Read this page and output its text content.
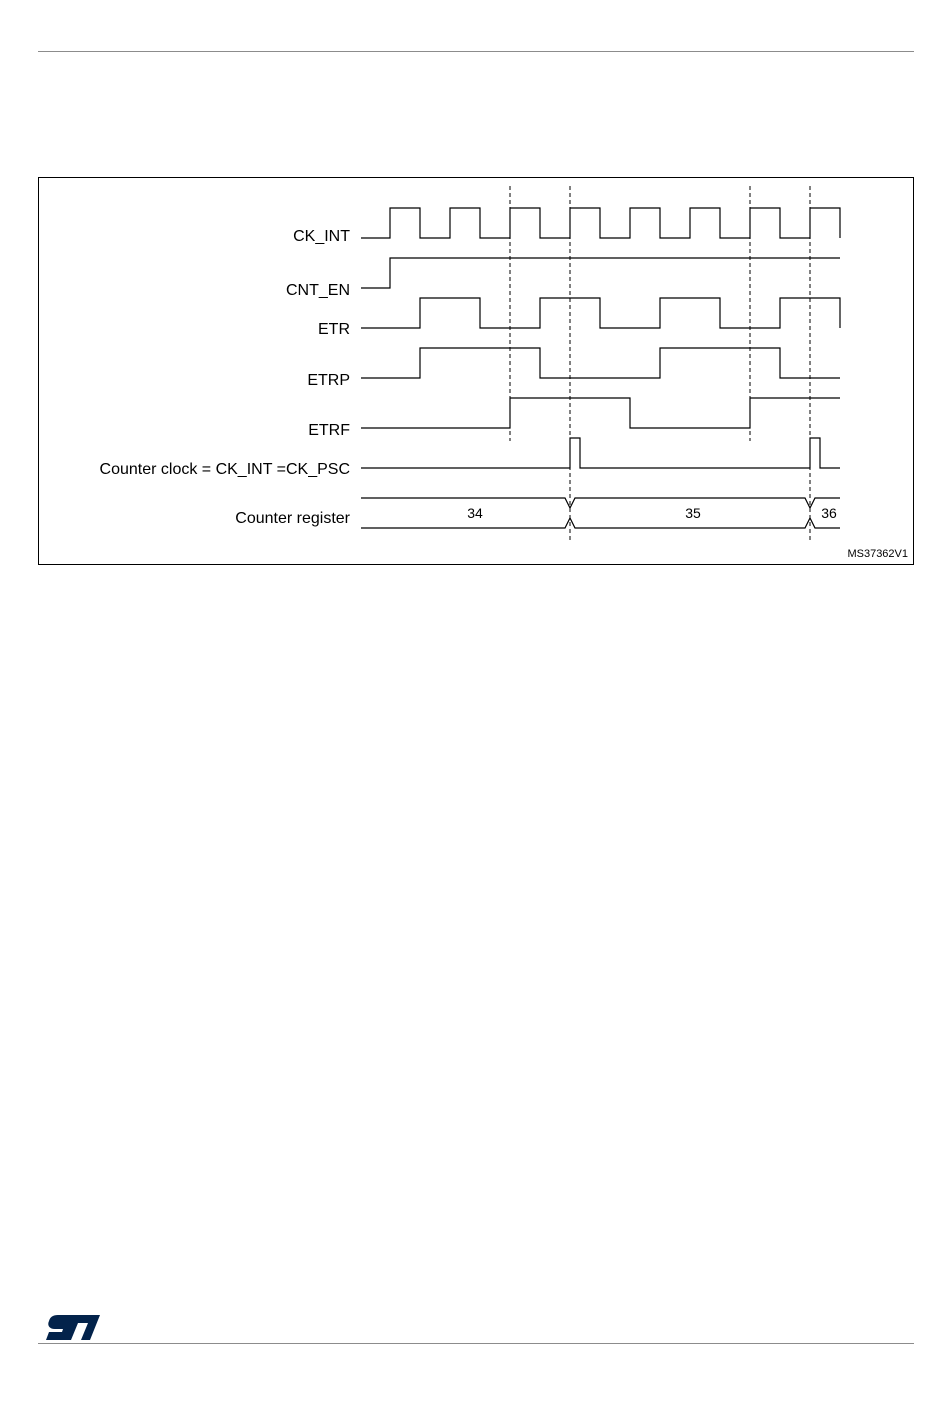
CK_INT
CNT_EN
ETR
ETRP
ETRF
Counter clock = CK_INT =CK_PSC
Counter register	34	35	36
MS37362V1
